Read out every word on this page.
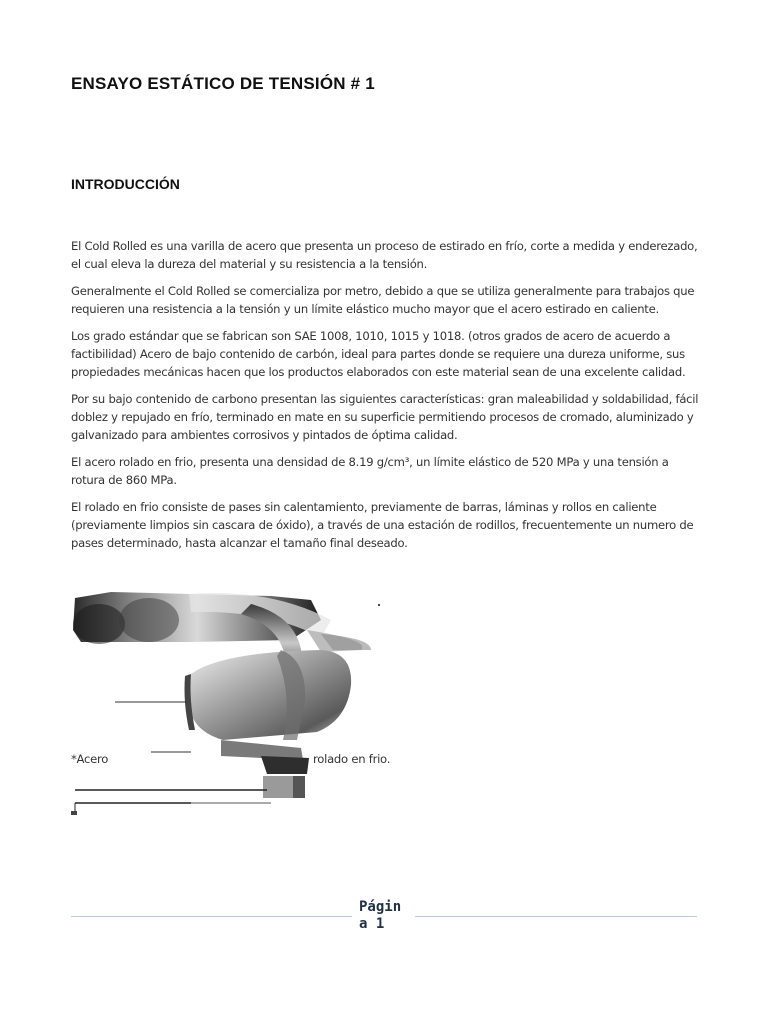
ENSAYO ESTÁTICO DE TENSIÓN # 1
INTRODUCCIÓN

El Cold Rolled es una varilla de acero que presenta un proceso de estirado en frío, corte a medida y enderezado, el cual eleva la dureza del material y su resistencia a la tensión.

Generalmente el Cold Rolled se comercializa por metro, debido a que se utiliza generalmente para trabajos que requieren una resistencia a la tensión y un límite elástico mucho mayor que el acero estirado en caliente.

Los grado estándar que se fabrican son SAE 1008, 1010, 1015 y 1018. (otros grados de acero de acuerdo a factibilidad) Acero de bajo contenido de carbón, ideal para partes donde se requiere una dureza uniforme, sus propiedades mecánicas hacen que los productos elaborados con este material sean de una excelente calidad.

Por su bajo contenido de carbono presentan las siguientes características: gran maleabilidad y soldabilidad, fácil doblez y repujado en frío, terminado en mate en su superficie permitiendo procesos de cromado, aluminizado y galvanizado para ambientes corrosivos y pintados de óptima calidad.

El acero rolado en frio, presenta una densidad de 8.19 g/cm³, un límite elástico de 520 MPa y una tensión a rotura de 860 MPa.

El rolado en frio consiste de pases sin calentamiento, previamente de barras, láminas y rollos en caliente (previamente limpios sin cascara de óxido), a través de una estación de rodillos, frecuentemente un numero de pases determinado, hasta alcanzar el tamaño final deseado.

*Acero	rolado en frio.
Págin a 1
